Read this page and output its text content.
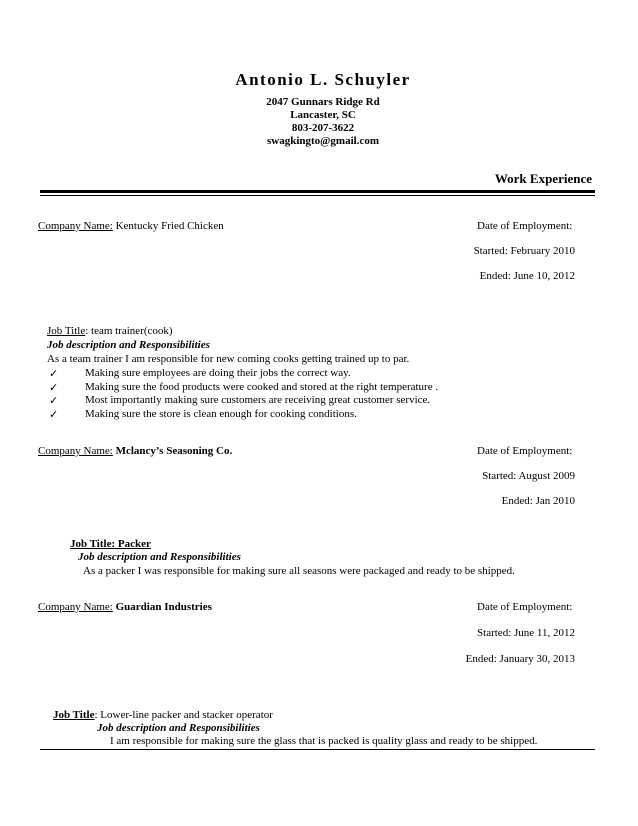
Antonio L. Schuyler
2047 Gunnars Ridge Rd
Lancaster, SC
803-207-3622
swagkingto@gmail.com
Work Experience
Company Name: Kentucky Fried Chicken	Date of Employment:
Started: February 2010
Ended: June 10, 2012
Job Title: team trainer(cook)
Job description and Responsibilities
As a team trainer I am responsible for new coming cooks getting trained up to par.
✓ Making sure employees are doing their jobs the correct way.
✓ Making sure the food products were cooked and stored at the right temperature .
✓ Most importantly making sure customers are receiving great customer service.
✓ Making sure the store is clean enough for cooking conditions.
Company Name: Mclancy’s Seasoning Co.	Date of Employment:
Started: August 2009
Ended: Jan 2010
Job Title: Packer
Job description and Responsibilities
As a packer I was responsible for making sure all seasons were packaged and ready to be shipped.
Company Name: Guardian Industries	Date of Employment:
Started: June 11, 2012
Ended: January 30, 2013
Job Title: Lower-line packer and stacker operator
Job description and Responsibilities
I am responsible for making sure the glass that is packed is quality glass and ready to be shipped.
